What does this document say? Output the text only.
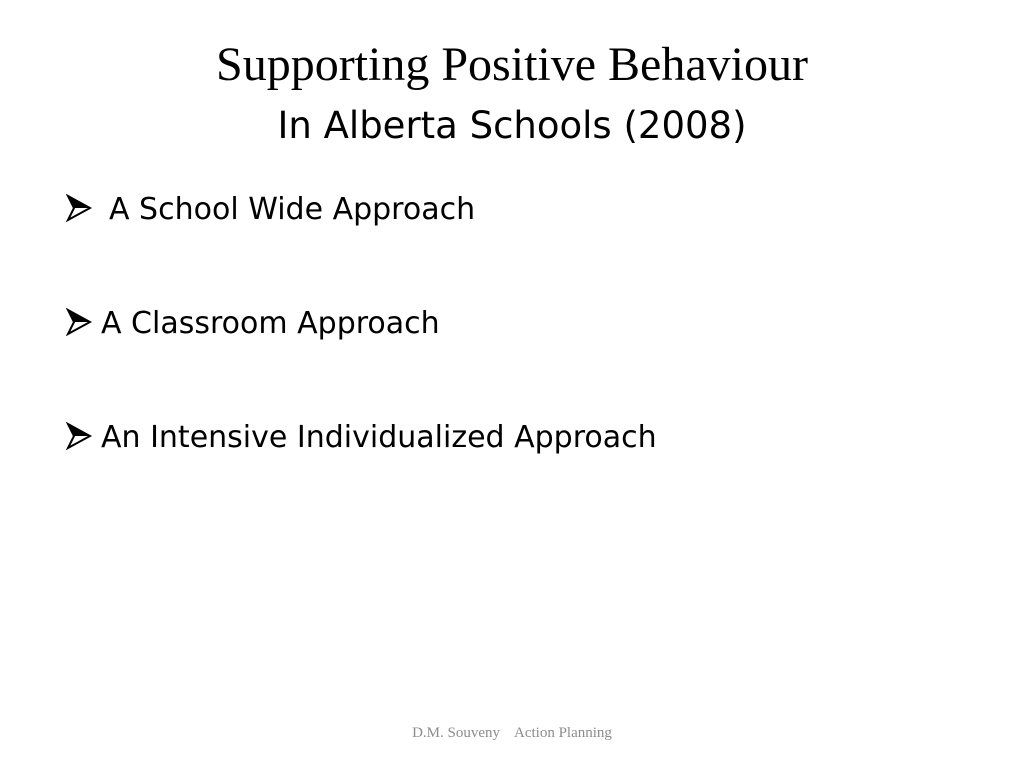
Supporting Positive Behaviour
In Alberta Schools (2008)
A School Wide Approach
A Classroom Approach
An Intensive Individualized Approach
D.M. Souveny Action Planning
